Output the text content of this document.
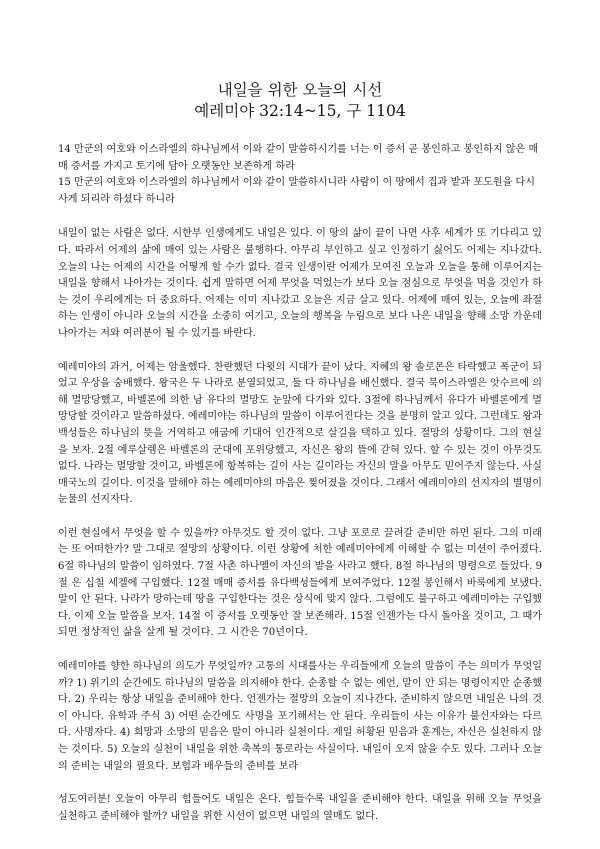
내일을 위한 오늘의 시선
예레미야 32:14~15, 구 1104

14 만군의 여호와 이스라엘의 하나님께서 이와 같이 말씀하시기를 너는 이 증서 곧 봉인하고 봉인하지 않은 매매 증서를 가지고 토기에 담아 오랫동안 보존하게 하라

15 만군의 여호와 이스라엘의 하나님께서 이와 같이 말씀하시니라 사람이 이 땅에서 집과 밭과 포도원을 다시 사게 되리라 하셨다 하니라

내일이 없는 사람은 없다. 시한부 인생에게도 내일은 있다. 이 땅의 삶이 끝이 나면 사후 세계가 또 기다리고 있다. 따라서 어제의 삶에 매여 있는 사람은 불행하다. 아무리 부인하고 싶고 인정하기 싫어도 어제는 지나갔다. 오늘의 나는 어제의 시간을 어떻게 할 수가 없다. 결국 인생이란 어제가 모여진 오늘과 오늘을 통해 이루어지는 내일을 향해서 나아가는 것이다. 쉽게 말하면 어제 무엇을 먹었는가 보다 오늘 점심으로 무엇을 먹을 것인가 하는 것이 우리에게는 더 중요하다. 어제는 이미 지나갔고 오늘은 지금 살고 있다. 어제에 매여 있는, 오늘에 좌절하는 인생이 아니라 오늘의 시간을 소중히 여기고, 오늘의 행복을 누림으로 보다 나은 내일을 향해 소망 가운데 나아가는 저와 여러분이 될 수 있기를 바란다.

예레미야의 과거, 어제는 암울했다. 찬란했던 다윗의 시대가 끝이 났다. 지혜의 왕 솔로몬은 타락했고 폭군이 되었고 우상을 숭배했다. 왕국은 두 나라로 분열되었고, 둘 다 하나님을 배신했다. 결국 북이스라엘은 앗수르에 의해 멸망당했고, 바벨론에 의한 남 유다의 멸망도 눈앞에 다가와 있다. 3절에 하나님께서 유다가 바벨론에게 멸망당할 것이라고 말씀하셨다. 예레미야는 하나님의 말씀이 이루어진다는 것을 분명히 알고 있다. 그런데도 왕과 백성들은 하나님의 뜻을 거역하고 애굽에 기대어 인간적으로 살길을 택하고 있다. 절망의 상황이다. 그의 현실을 보자. 2절 예루살렘은 바벨론의 군대에 포위당했고, 자신은 왕의 뜰에 갇혀 있다. 할 수 있는 것이 아무것도 없다. 나라는 멸망할 것이고, 바벨론에 항복하는 길이 사는 길이라는 자신의 말을 아무도 믿어주지 않는다. 사실 매국노의 길이다. 이것을 말해야 하는 예레미야의 마음은 찢어졌을 것이다. 그래서 예레미야의 선지자의 별명이 눈물의 선지자다.

이런 현실에서 무엇을 할 수 있을까? 아무것도 할 것이 없다. 그냥 포로로 끌려갈 준비만 하면 된다. 그의 미래는 또 어떠한가? 말 그대로 절망의 상황이다. 이런 상황에 처한 예레미야에게 이해할 수 없는 미션이 주어졌다. 6절 하나님의 말씀이 임하였다. 7절 사촌 하나멜이 자신의 밭을 사라고 했다. 8절 하나님의 명령으로 들었다. 9절 은 십칠 세겔에 구입했다. 12절 매매 증서를 유다백성들에게 보여주었다. 12절 봉인해서 바룩에게 보냈다. 말이 안 된다. 나라가 망하는데 땅을 구입한다는 것은 상식에 맞지 않다. 그럼에도 불구하고 예레미야는 구입했다. 이제 오늘 말씀을 보자. 14절 이 증서를 오랫동안 잘 보존해라. 15절 인젠가는 다시 돌아올 것이고, 그 때가 되면 정상적인 삶을 살게 될 것이다. 그 시간은 70년이다.

예레미야를 향한 하나님의 의도가 무엇일까? 고통의 시대를사는 우리들에게 오늘의 말씀이 주는 의미가 무엇일까? 1) 위기의 순간에도 하나님의 말씀을 의지해야 한다. 순종할 수 없는 예언, 말이 안 되는 명령이지만 순종했다. 2) 우리는 항상 내일을 준비해야 한다. 언젠가는 절망의 오늘이 지나간다. 준비하지 않으면 내일은 나의 것이 아니다. 유학과 주식 3) 어떤 순간에도 사명을 포기해서는 안 된다. 우리들이 사는 이유가 불신자와는 다르다. 사명자다. 4) 희망과 소망의 믿음은 말이 아니라 실천이다. 제일 허황된 믿음과 훈계는, 자신은 실천하지 않는 것이다. 5) 오늘의 실천이 내일을 위한 축복의 통로라는 사실이다. 내일이 오지 않을 수도 있다. 그러나 오늘의 준비는 내일의 필요다. 보험과 배우들의 준비를 보라

성도여러분! 오늘이 아무리 힘들어도 내일은 온다. 힘들수록 내일을 준비해야 한다. 내일을 위해 오늘 무엇을 실천하고 준비해야 할까? 내일을 위한 시선이 없으면 내일의 열매도 없다.
